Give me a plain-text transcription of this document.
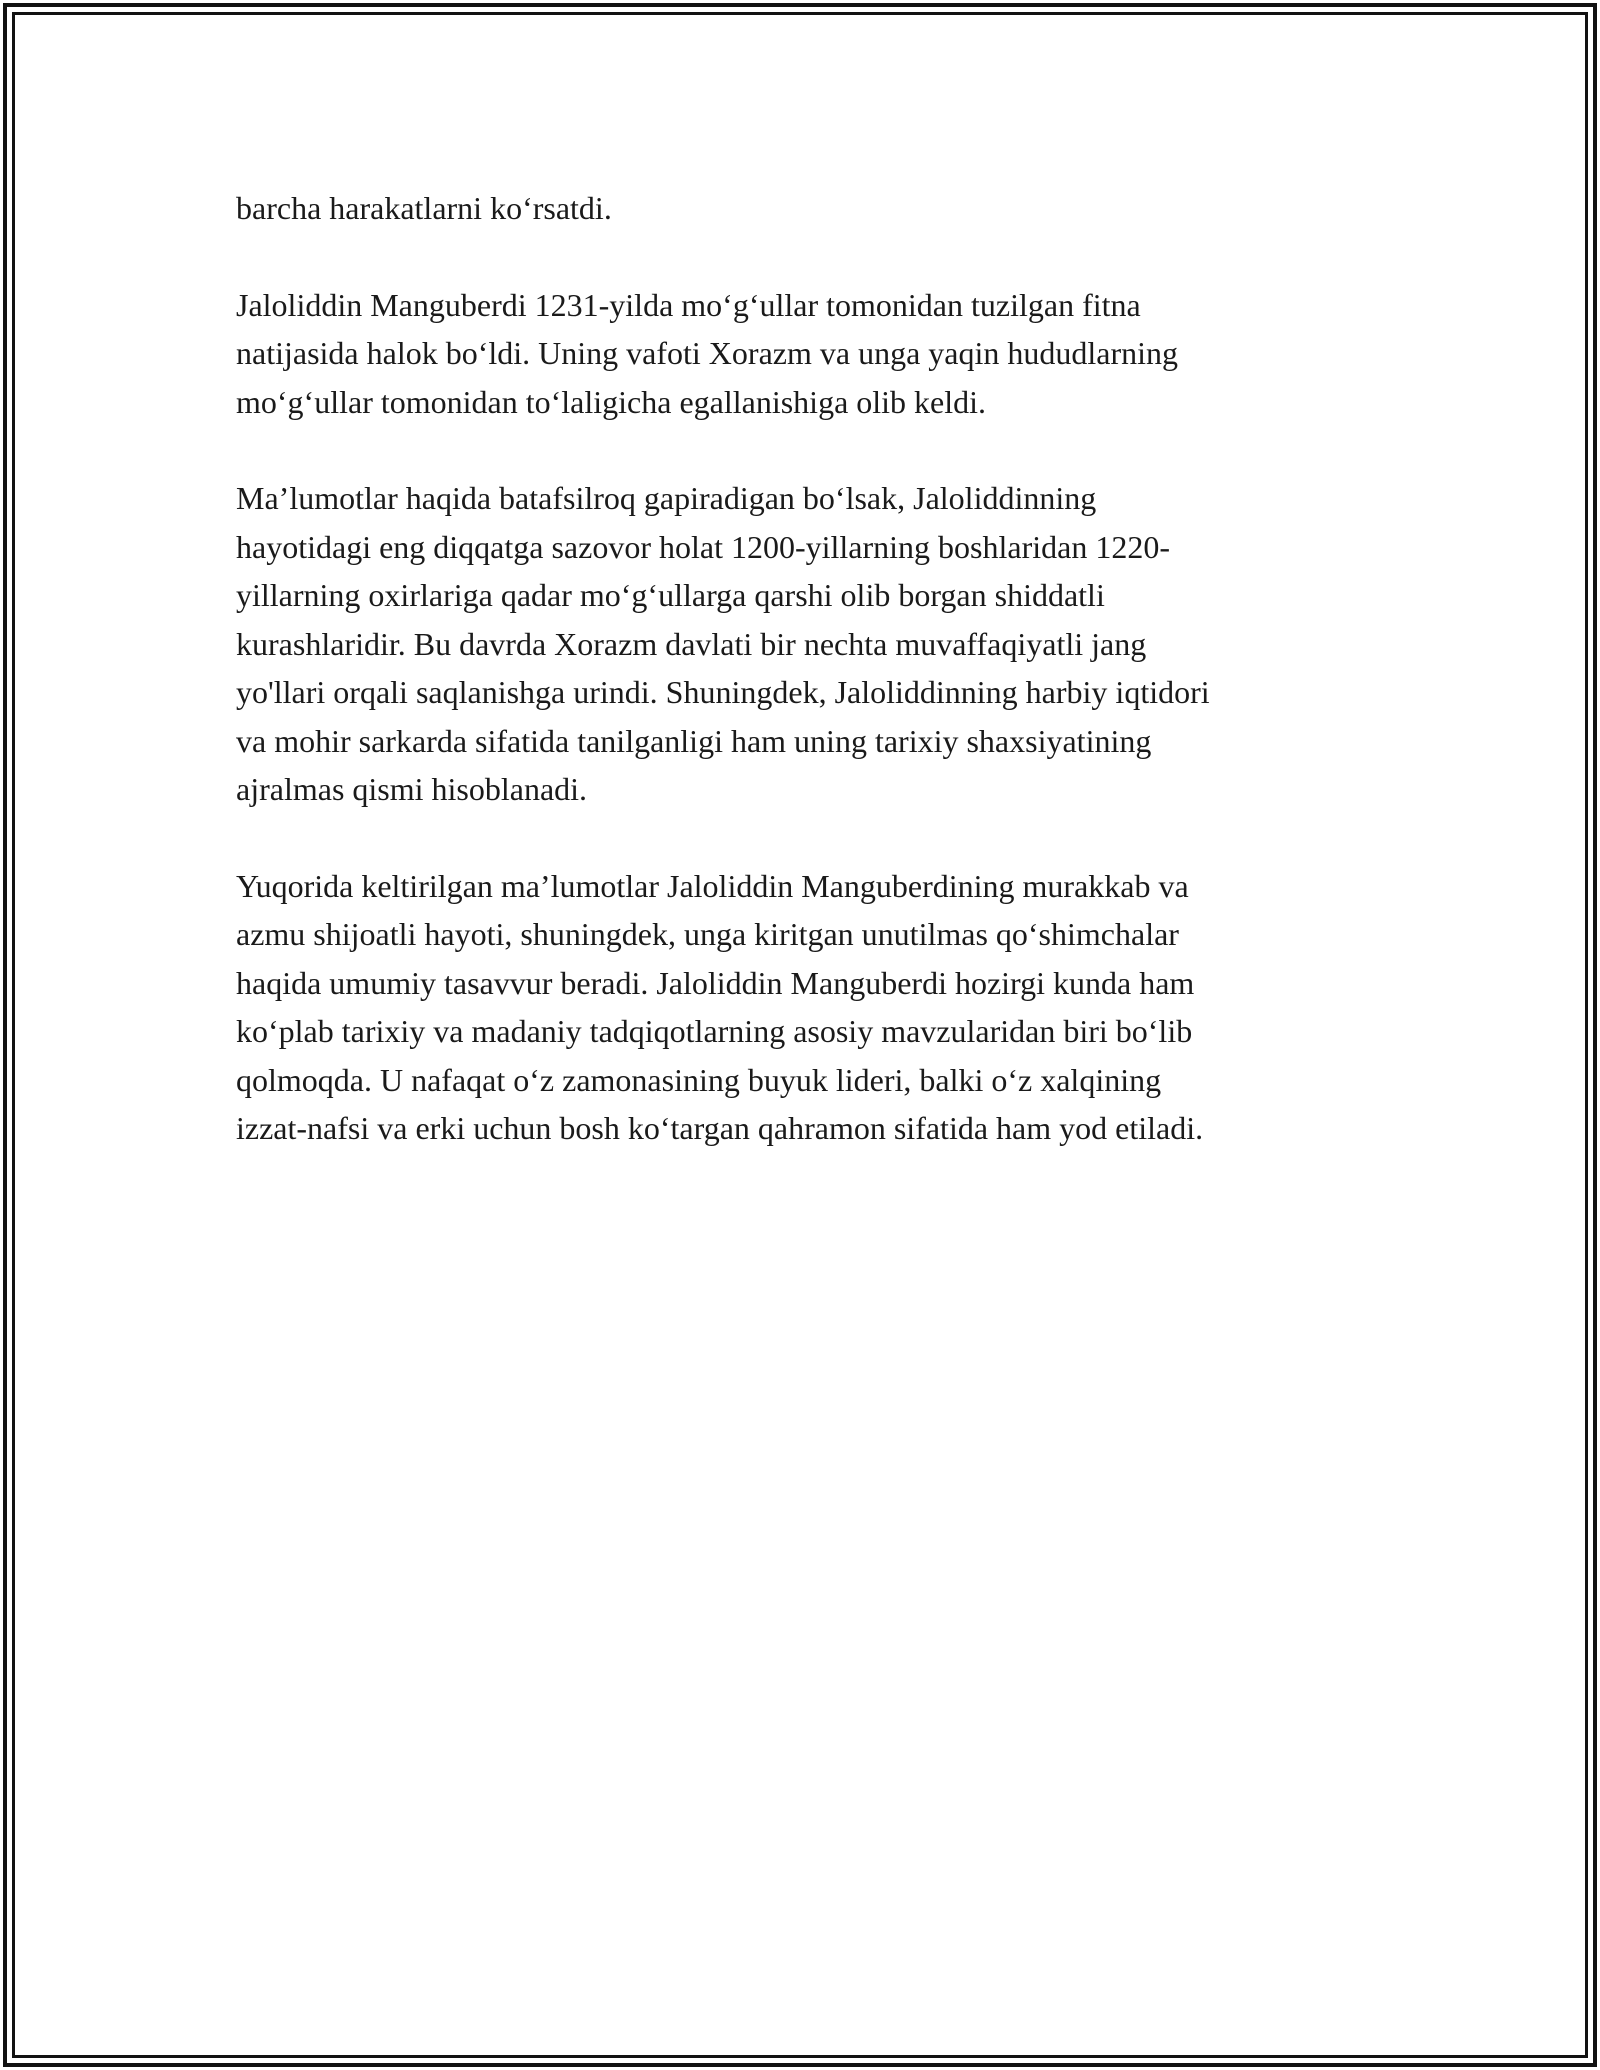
barcha harakatlarni ko‘rsatdi.

Jaloliddin Manguberdi 1231-yilda mo‘g‘ullar tomonidan tuzilgan fitna
natijasida halok bo‘ldi. Uning vafoti Xorazm va unga yaqin hududlarning
mo‘g‘ullar tomonidan to‘laligicha egallanishiga olib keldi.

Ma’lumotlar haqida batafsilroq gapiradigan bo‘lsak, Jaloliddinning
hayotidagi eng diqqatga sazovor holat 1200-yillarning boshlaridan 1220-
yillarning oxirlariga qadar mo‘g‘ullarga qarshi olib borgan shiddatli
kurashlaridir. Bu davrda Xorazm davlati bir nechta muvaffaqiyatli jang
yo'llari orqali saqlanishga urindi. Shuningdek, Jaloliddinning harbiy iqtidori
va mohir sarkarda sifatida tanilganligi ham uning tarixiy shaxsiyatining
ajralmas qismi hisoblanadi.

Yuqorida keltirilgan ma’lumotlar Jaloliddin Manguberdining murakkab va
azmu shijoatli hayoti, shuningdek, unga kiritgan unutilmas qo‘shimchalar
haqida umumiy tasavvur beradi. Jaloliddin Manguberdi hozirgi kunda ham
ko‘plab tarixiy va madaniy tadqiqotlarning asosiy mavzularidan biri bo‘lib
qolmoqda. U nafaqat o‘z zamonasining buyuk lideri, balki o‘z xalqining
izzat-nafsi va erki uchun bosh ko‘targan qahramon sifatida ham yod etiladi.
